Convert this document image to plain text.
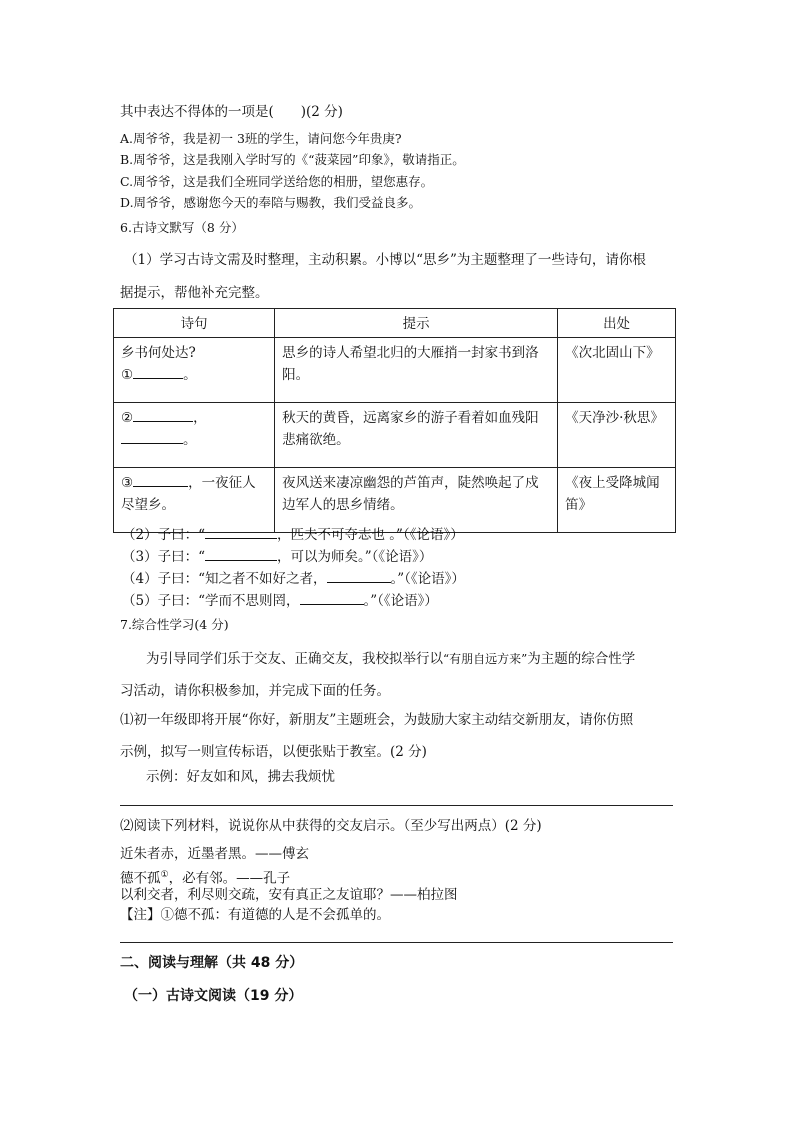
其中表达不得体的一项是(　　)(2 分)
A.周爷爷，我是初一 3班的学生，请问您今年贵庚?
B.周爷爷，这是我刚入学时写的《“菠菜园”印象》，敬请指正。
C.周爷爷，这是我们全班同学送给您的相册，望您惠存。
D.周爷爷，感谢您今天的奉陪与赐教，我们受益良多。
6.古诗文默写（8 分）
（1）学习古诗文需及时整理，主动积累。小博以“思乡”为主题整理了一些诗句，请你根
据提示，帮他补充完整。
诗句	提示	出处

乡书何处达?
① 。	思乡的诗人希望北归的大雁捎一封家书到洛阳。	《次北固山下》

② ，
。	秋天的黄昏，远离家乡的游子看着如血残阳悲痛欲绝。	《天净沙·秋思》

③ ，一夜征人
尽望乡。	夜风送来凄凉幽怨的芦笛声，陡然唤起了戍边军人的思乡情绪。	《夜上受降城闻笛》
（2）子曰：“	，匹夫不可夺志也 。”（《论语》）
（3）子曰：“	，可以为师矣。”（《论语》）
（4）子曰：“知之者不如好之者，	。”（《论语》）
（5）子曰：“学而不思则罔，	。”（《论语》）
7.综合性学习(4 分)
为引导同学们乐于交友、正确交友，我校拟举行以“有朋自远方来”为主题的综合性学
习活动，请你积极参加，并完成下面的任务。
⑴初一年级即将开展“你好，新朋友”主题班会，为鼓励大家主动结交新朋友，请你仿照
示例，拟写一则宣传标语，以便张贴于教室。(2 分)
示例：好友如和风，拂去我烦忧
⑵阅读下列材料，说说你从中获得的交友启示。（至少写出两点）(2 分)
近朱者赤，近墨者黑。——傅玄
德不孤①，必有邻。——孔子
以利交者，利尽则交疏，安有真正之友谊耶？——柏拉图
【注】①德不孤：有道德的人是不会孤单的。
二、阅读与理解（共 48 分）
（一）古诗文阅读（19 分）
